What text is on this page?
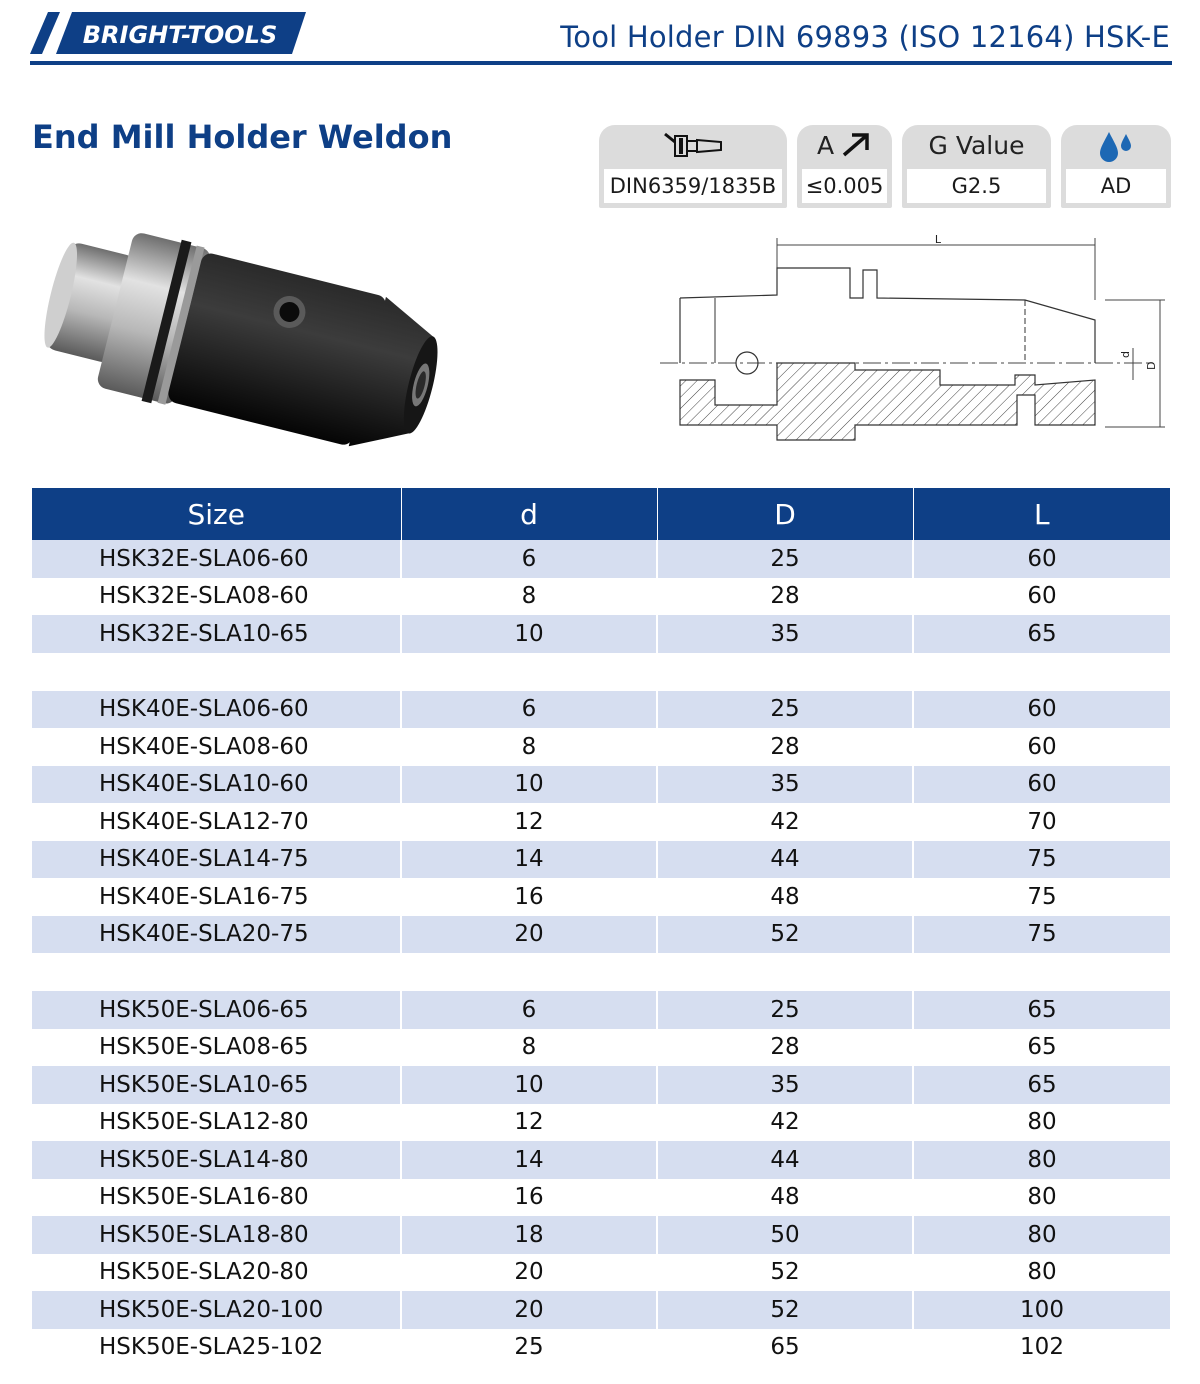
BRIGHT-TOOLS	Tool Holder DIN 69893 (ISO 12164) HSK-E
End Mill Holder Weldon
DIN6359/1835B
A
≤0.005
G Value
G2.5	AD
L
d
D
Size	d	D	L
HSK32E-SLA06-60	6	25	60
HSK32E-SLA08-60	8	28	60
HSK32E-SLA10-65	10	35	65

HSK40E-SLA06-60	6	25	60
HSK40E-SLA08-60	8	28	60
HSK40E-SLA10-60	10	35	60
HSK40E-SLA12-70	12	42	70
HSK40E-SLA14-75	14	44	75
HSK40E-SLA16-75	16	48	75
HSK40E-SLA20-75	20	52	75

HSK50E-SLA06-65	6	25	65
HSK50E-SLA08-65	8	28	65
HSK50E-SLA10-65	10	35	65
HSK50E-SLA12-80	12	42	80
HSK50E-SLA14-80	14	44	80
HSK50E-SLA16-80	16	48	80
HSK50E-SLA18-80	18	50	80
HSK50E-SLA20-80	20	52	80
HSK50E-SLA20-100	20	52	100
HSK50E-SLA25-102	25	65	102
